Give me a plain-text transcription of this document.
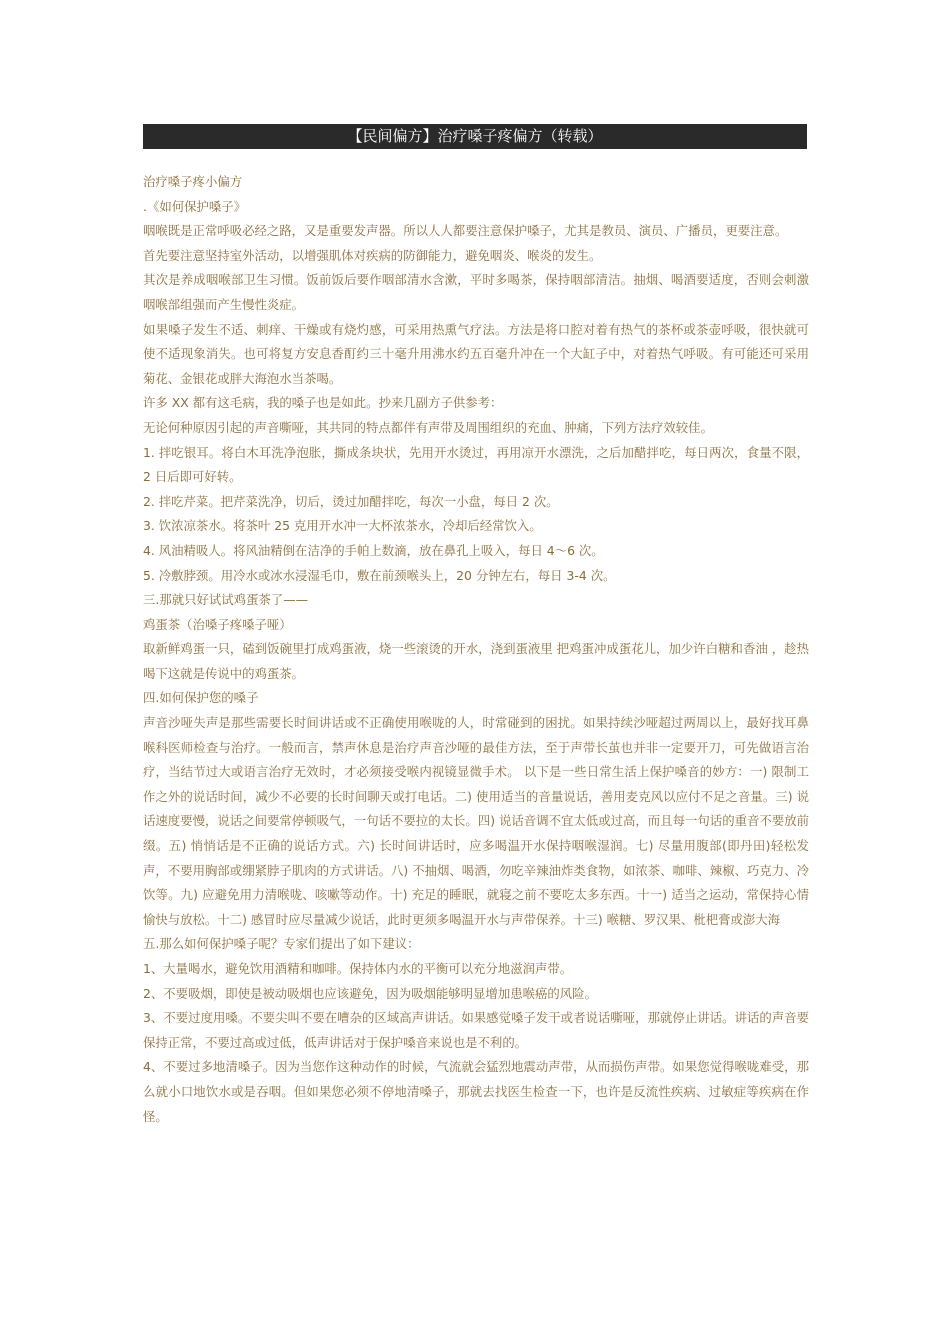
【民间偏方】治疗嗓子疼偏方（转载）

治疗嗓子疼小偏方

.《如何保护嗓子》

咽喉既是正常呼吸必经之路，又是重要发声器。所以人人都要注意保护嗓子，尤其是教员、演员、广播员，更要注意。

首先要注意坚持室外活动，以增强肌体对疾病的防御能力，避免咽炎、喉炎的发生。

其次是养成咽喉部卫生习惯。饭前饭后要作咽部清水含漱，平时多喝茶，保持咽部清洁。抽烟、喝酒要适度，否则会刺激咽喉部组强而产生慢性炎症。

如果嗓子发生不适、刺痒、干燥或有烧灼感，可采用热熏气疗法。方法是将口腔对着有热气的茶杯或茶壶呼吸，很快就可使不适现象消失。也可将复方安息香酊约三十毫升用沸水约五百毫升冲在一个大缸子中，对着热气呼吸。有可能还可采用菊花、金银花或胖大海泡水当茶喝。

许多 XX 都有这毛病，我的嗓子也是如此。抄来几副方子供参考：

无论何种原因引起的声音嘶哑，其共同的特点都伴有声带及周围组织的充血、肿痛，下列方法疗效较佳。

1. 拌吃银耳。将白木耳洗净泡胀，撕成条块状，先用开水烫过，再用凉开水漂洗，之后加醋拌吃，每日两次，食量不限，2 日后即可好转。

2. 拌吃芹菜。把芹菜洗净，切后，烫过加醋拌吃，每次一小盘，每日 2 次。

3. 饮浓凉茶水。将茶叶 25 克用开水冲一大杯浓茶水，冷却后经常饮入。

4. 风油精吸人。将风油精倒在洁净的手帕上数滴，放在鼻孔上吸入，每日 4～6 次。

5. 冷敷脖颈。用冷水或冰水浸湿毛巾，敷在前颈喉头上，20 分钟左右，每日 3-4 次。

三.那就只好试试鸡蛋茶了——

鸡蛋茶（治嗓子疼嗓子哑）

取新鲜鸡蛋一只，磕到饭碗里打成鸡蛋液，烧一些滚烫的开水，浇到蛋液里 把鸡蛋冲成蛋花儿，加少许白糖和香油 ，趁热喝下这就是传说中的鸡蛋茶。

四.如何保护您的嗓子

声音沙哑失声是那些需要长时间讲话或不正确使用喉咙的人，时常碰到的困扰。如果持续沙哑超过两周以上，最好找耳鼻喉科医师检查与治疗。一般而言，禁声休息是治疗声音沙哑的最佳方法，至于声带长茧也并非一定要开刀，可先做语言治疗，当结节过大或语言治疗无效时，才必须接受喉内视镜显微手术。 以下是一些日常生活上保护嗓音的妙方：一) 限制工作之外的说话时间，减少不必要的长时间聊天或打电话。二) 使用适当的音量说话，善用麦克风以应付不足之音量。三) 说话速度要慢，说话之间要常停顿吸气，一句话不要拉的太长。四) 说话音调不宜太低或过高，而且每一句话的重音不要放前缀。五) 悄悄话是不正确的说话方式。六) 长时间讲话时，应多喝温开水保持咽喉湿润。七) 尽量用腹部(即丹田)轻松发声，不要用胸部或绷紧脖子肌肉的方式讲话。八) 不抽烟、喝酒，勿吃辛辣油炸类食物，如浓茶、咖啡、辣椒、巧克力、冷饮等。九) 应避免用力清喉咙、咳嗽等动作。十) 充足的睡眠，就寝之前不要吃太多东西。十一) 适当之运动，常保持心情愉快与放松。十二) 感冒时应尽量减少说话，此时更须多喝温开水与声带保养。十三) 喉糖、罗汉果、枇杷膏或澎大海

五.那么如何保护嗓子呢？专家们提出了如下建议：

1、大量喝水，避免饮用酒精和咖啡。保持体内水的平衡可以充分地滋润声带。

2、不要吸烟，即使是被动吸烟也应该避免，因为吸烟能够明显增加患喉癌的风险。

3、不要过度用嗓。不要尖叫不要在嘈杂的区域高声讲话。如果感觉嗓子发干或者说话嘶哑，那就停止讲话。讲话的声音要保持正常，不要过高或过低，低声讲话对于保护嗓音来说也是不利的。

4、不要过多地清嗓子。因为当您作这种动作的时候，气流就会猛烈地震动声带，从而损伤声带。如果您觉得喉咙难受，那么就小口地饮水或是吞咽。但如果您必须不停地清嗓子，那就去找医生检查一下，也许是反流性疾病、过敏症等疾病在作怪。
